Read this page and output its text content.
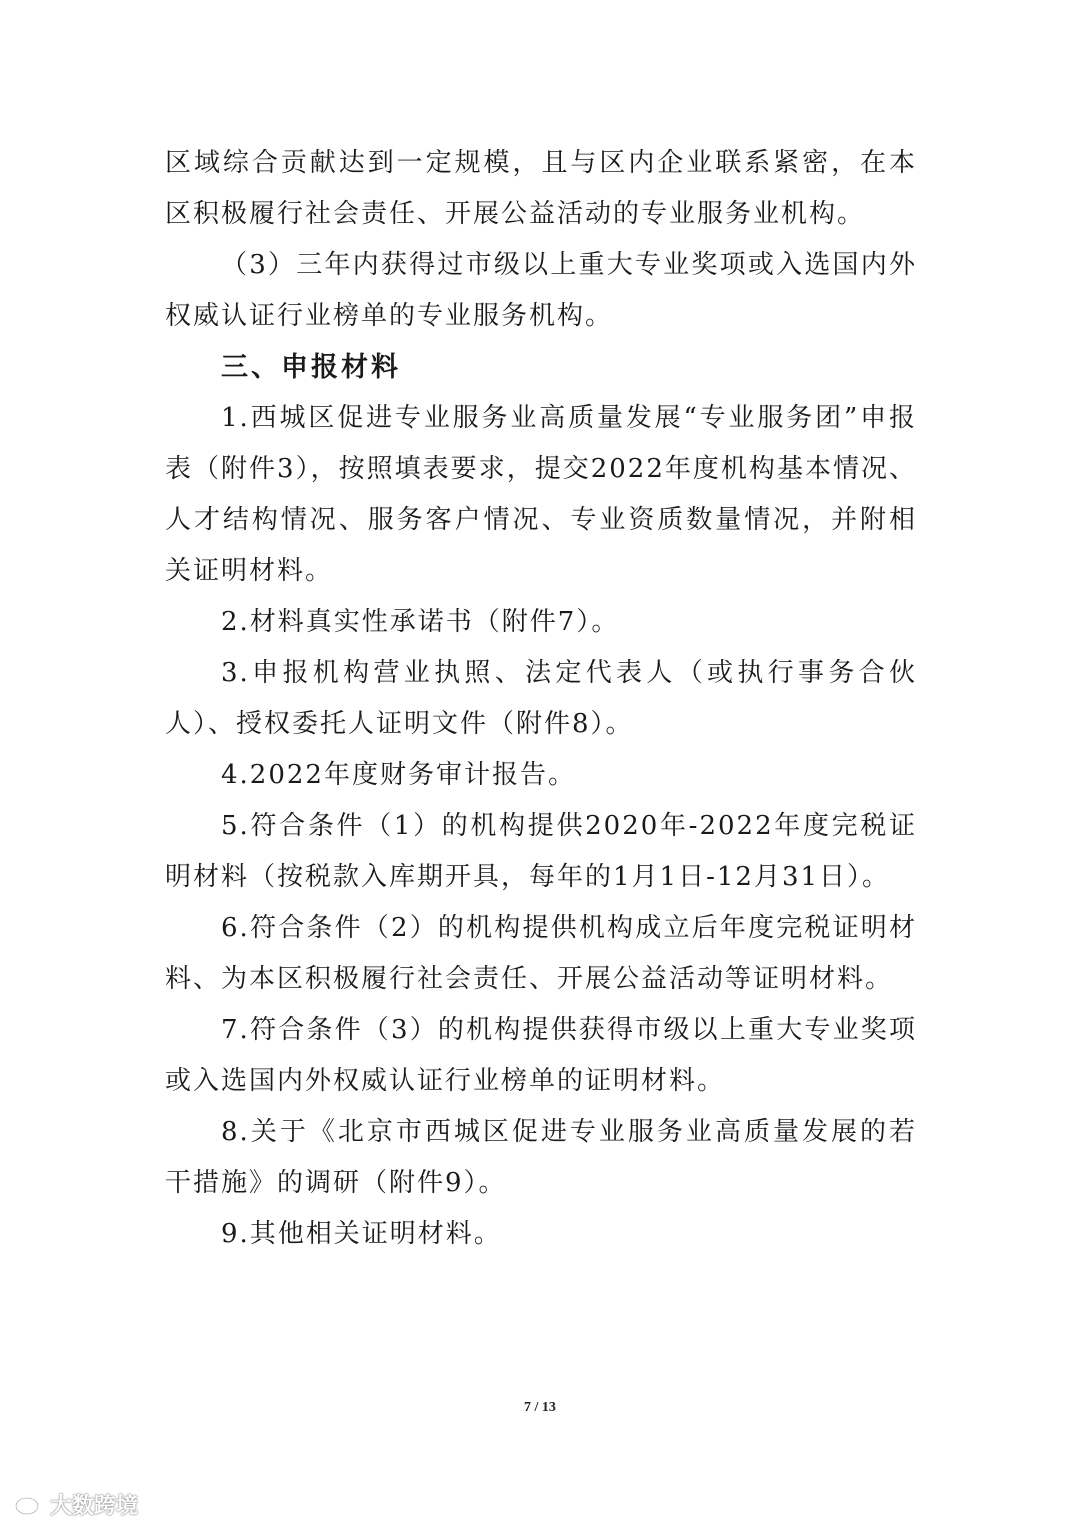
区域综合贡献达到一定规模，且与区内企业联系紧密，在本区积极履行社会责任、开展公益活动的专业服务业机构。

（3）三年内获得过市级以上重大专业奖项或入选国内外权威认证行业榜单的专业服务机构。

三、申报材料

1.西城区促进专业服务业高质量发展“专业服务团”申报表（附件3），按照填表要求，提交2022年度机构基本情况、人才结构情况、服务客户情况、专业资质数量情况，并附相关证明材料。

2.材料真实性承诺书（附件7）。

3.申报机构营业执照、法定代表人（或执行事务合伙人）、授权委托人证明文件（附件8）。

4.2022年度财务审计报告。

5.符合条件（1）的机构提供2020年-2022年度完税证明材料（按税款入库期开具，每年的1月1日-12月31日）。

6.符合条件（2）的机构提供机构成立后年度完税证明材料、为本区积极履行社会责任、开展公益活动等证明材料。

7.符合条件（3）的机构提供获得市级以上重大专业奖项或入选国内外权威认证行业榜单的证明材料。

8.关于《北京市西城区促进专业服务业高质量发展的若干措施》的调研（附件9）。

9.其他相关证明材料。

7 / 13
大数跨境
